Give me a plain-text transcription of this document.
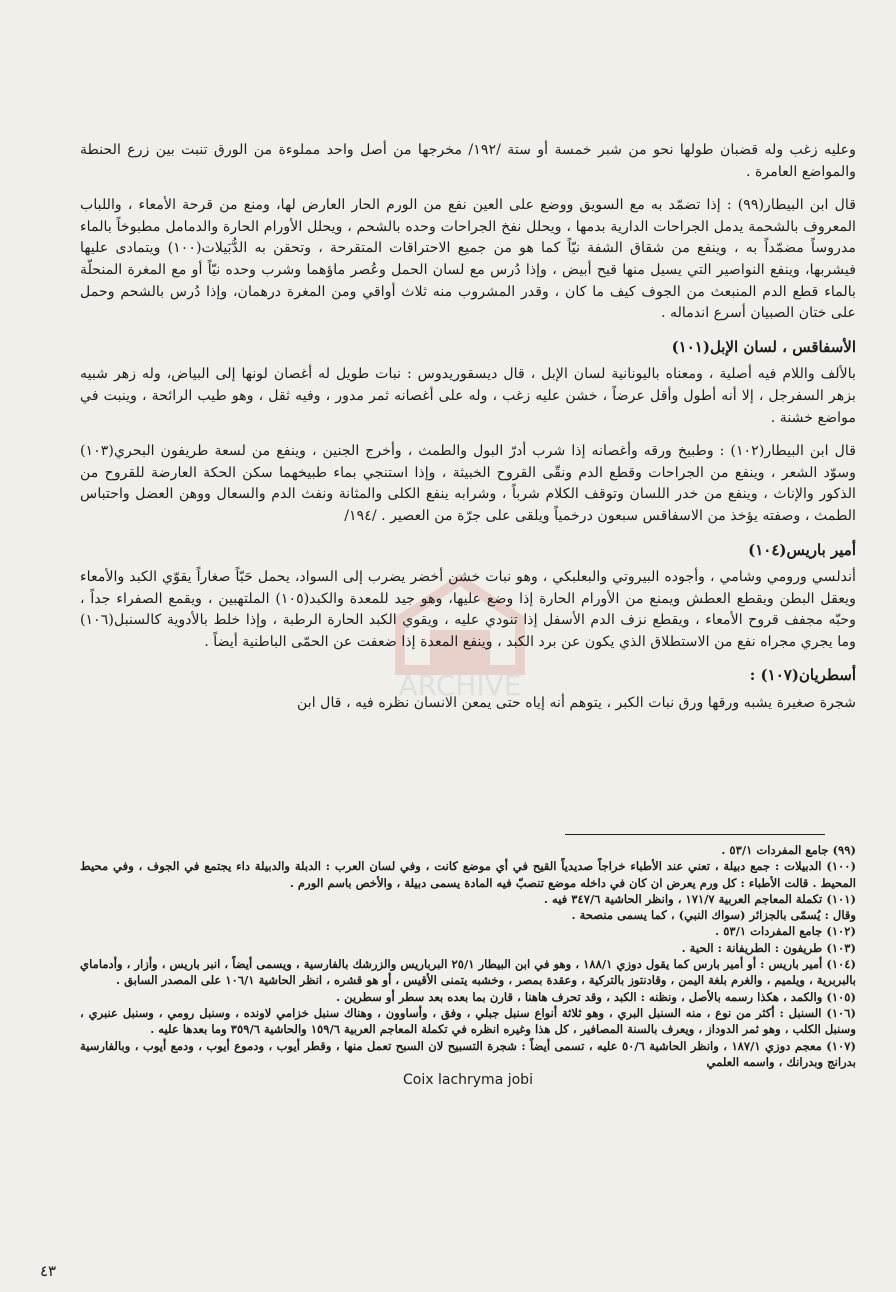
ARCHIVE

وعليه زغب وله قضبان طولها نحو من شبر خمسة أو ستة /١٩٢/ مخرجها من أصل واحد مملوءة من الورق تنبت بين زرع الحنطة والمواضع العامرة .

قال ابن البيطار(٩٩) : إذا تضمّد به مع السويق ووضع على العين نفع من الورم الحار العارض لها، ومنع من قرحة الأمعاء ، واللباب المعروف بالشحمة يدمل الجراحات الدارية بدمها ، ويحلل نفخ الجراحات وحده بالشحم ، ويحلل الأورام الحارة والدمامل مطبوخاً بالماء مدروساً مضمّداً به ، وينفع من شقاق الشفة نيّاً كما هو من جميع الاحتراقات المتقرحة ، وتحقن به الدُّبَيلات(١٠٠) ويتمادى عليها فيشربها، وينفع النواصير التي يسيل منها قيح أبيض ، وإذا دُرس مع لسان الحمل وعُصر ماؤهما وشرب وحده نيّاً أو مع المغرة المنحلّة بالماء قطع الدم المنبعث من الجوف كيف ما كان ، وقدر المشروب منه ثلاث أواقي ومن المغرة درهمان، وإذا دُرس بالشحم وحمل على ختان الصبيان أسرع اندماله .

الأسفاقس ، لسان الإبل(١٠١)

بالألف واللام فيه أصلية ، ومعناه باليونانية لسان الإبل ، قال ديسقوريدوس : نبات طويل له أغصان لونها إلى البياض، وله زهر شبيه بزهر السفرجل ، إلا أنه أطول وأقل عرضاً ، خشن عليه زغب ، وله على أغصانه ثمر مدور ، وفيه ثقل ، وهو طيب الرائحة ، وينبت في مواضع خشنة .

قال ابن البيطار(١٠٢) : وطبيخ ورقه وأغصانه إذا شرب أدرّ البول والطمث ، وأخرج الجنين ، وينفع من لسعة طريفون البحري(١٠٣) وسوّد الشعر ، وينفع من الجراحات وقطع الدم ونقّى القروح الخبيثة ، وإذا استنجي بماء طبيخهما سكن الحكة العارضة للقروح من الذكور والإناث ، وينفع من خدر اللسان وتوقف الكلام شرباً ، وشرابه ينفع الكلى والمثانة ونفث الدم والسعال ووهن العضل واحتباس الطمث ، وصفته يؤخذ من الاسفاقس سبعون درخمياً ويلقى على جرّة من العصير . /١٩٤/

أمير باريس(١٠٤)

أندلسي ورومي وشامي ، وأجوده البيروتي والبعلبكي ، وهو نبات خشن أخضر يضرب إلى السواد، يحمل حَبّاً صغاراً يقوّي الكبد والأمعاء ويعقل البطن ويقطع العطش ويمنع من الأورام الحارة إذا وضع عليها، وهو جيد للمعدة والكبد(١٠٥) الملتهبين ، ويقمع الصفراء جداً ، وحبّه مجفف قروح الأمعاء ، ويقطع نزف الدم الأسفل إذا تنودي عليه ، ويقوي الكبد الحارة الرطبة ، وإذا خلط بالأدوية كالسنبل(١٠٦) وما يجري مجراه نفع من الاستطلاق الذي يكون عن برد الكبد ، وينفع المعدة إذا ضعفت عن الحمّى الباطنية أيضاً .

أسطريان(١٠٧) :

شجرة صغيرة يشبه ورقها ورق نبات الكبر ، يتوهم أنه إياه حتى يمعن الانسان نظره فيه ، قال ابن

(٩٩) جامع المفردات ٥٣/١ .

(١٠٠) الدبيلات : جمع دبيلة ، تعني عند الأطباء خراجاً صديدياً القيح في أي موضع كانت ، وفي لسان العرب : الدبلة والدبيلة داء يجتمع في الجوف ، وفي محيط المحيط . قالت الأطباء : كل ورم يعرض ان كان في داخله موضع تنصبّ فيه المادة يسمى دبيلة ، والأخص باسم الورم .

(١٠١) تكملة المعاجم العربية ١٧١/٧ ، وانظر الحاشية ٣٤٧/٦ فيه .

وقال : يُسمّى بالجزائر (سواك النبي) ، كما يسمى منصحة .

(١٠٢) جامع المفردات ٥٣/١ .

(١٠٣) طريفون : الطريفانة : الحية .

(١٠٤) أمير باريس : أو أمير بارس كما يقول دوزي ١٨٨/١ ، وهو في ابن البيطار ٢٥/١ البرباريس والزرشك بالفارسية ، ويسمى أيضاً ، انبر باريس ، وأزار ، وأدماماي بالبربرية ، ويلميم ، والغرم بلغة اليمن ، وقادنتوز بالتركية ، وعقدة بمصر ، وخشبه يتمنى الأقيس ، أو هو قشره ، انظر الحاشية ١٠٦/١ على المصدر السابق .

(١٠٥) والكمد ، هكذا رسمه بالأصل ، ونظنه : الكبد ، وقد تحرف هاهنا ، قارن بما بعده بعد سطر أو سطرين .

(١٠٦) السنبل : أكثر من نوع ، منه السنبل البري ، وهو ثلاثة أنواع سنبل جبلي ، وفق ، وأساوون ، وهناك سنبل خزامي لاونده ، وسنبل رومي ، وسنبل عنبري ، وسنبل الكلب ، وهو ثمر الدوداز ، ويعرف بالسنة المصافير ، كل هذا وغيره انظره في تكملة المعاجم العربية ١٥٩/٦ والحاشية ٣٥٩/٦ وما بعدها عليه .

(١٠٧) معجم دوزي ١٨٧/١ ، وانظر الحاشية ٥٠/٦ عليه ، تسمى أيضاً : شجرة التسبيح لان السبح تعمل منها ، وقطر أيوب ، ودموع أيوب ، ودمع أيوب ، وبالفارسية بدرانج وبدرانك ، واسمه العلمي

Coix lachryma jobi
٤٣
